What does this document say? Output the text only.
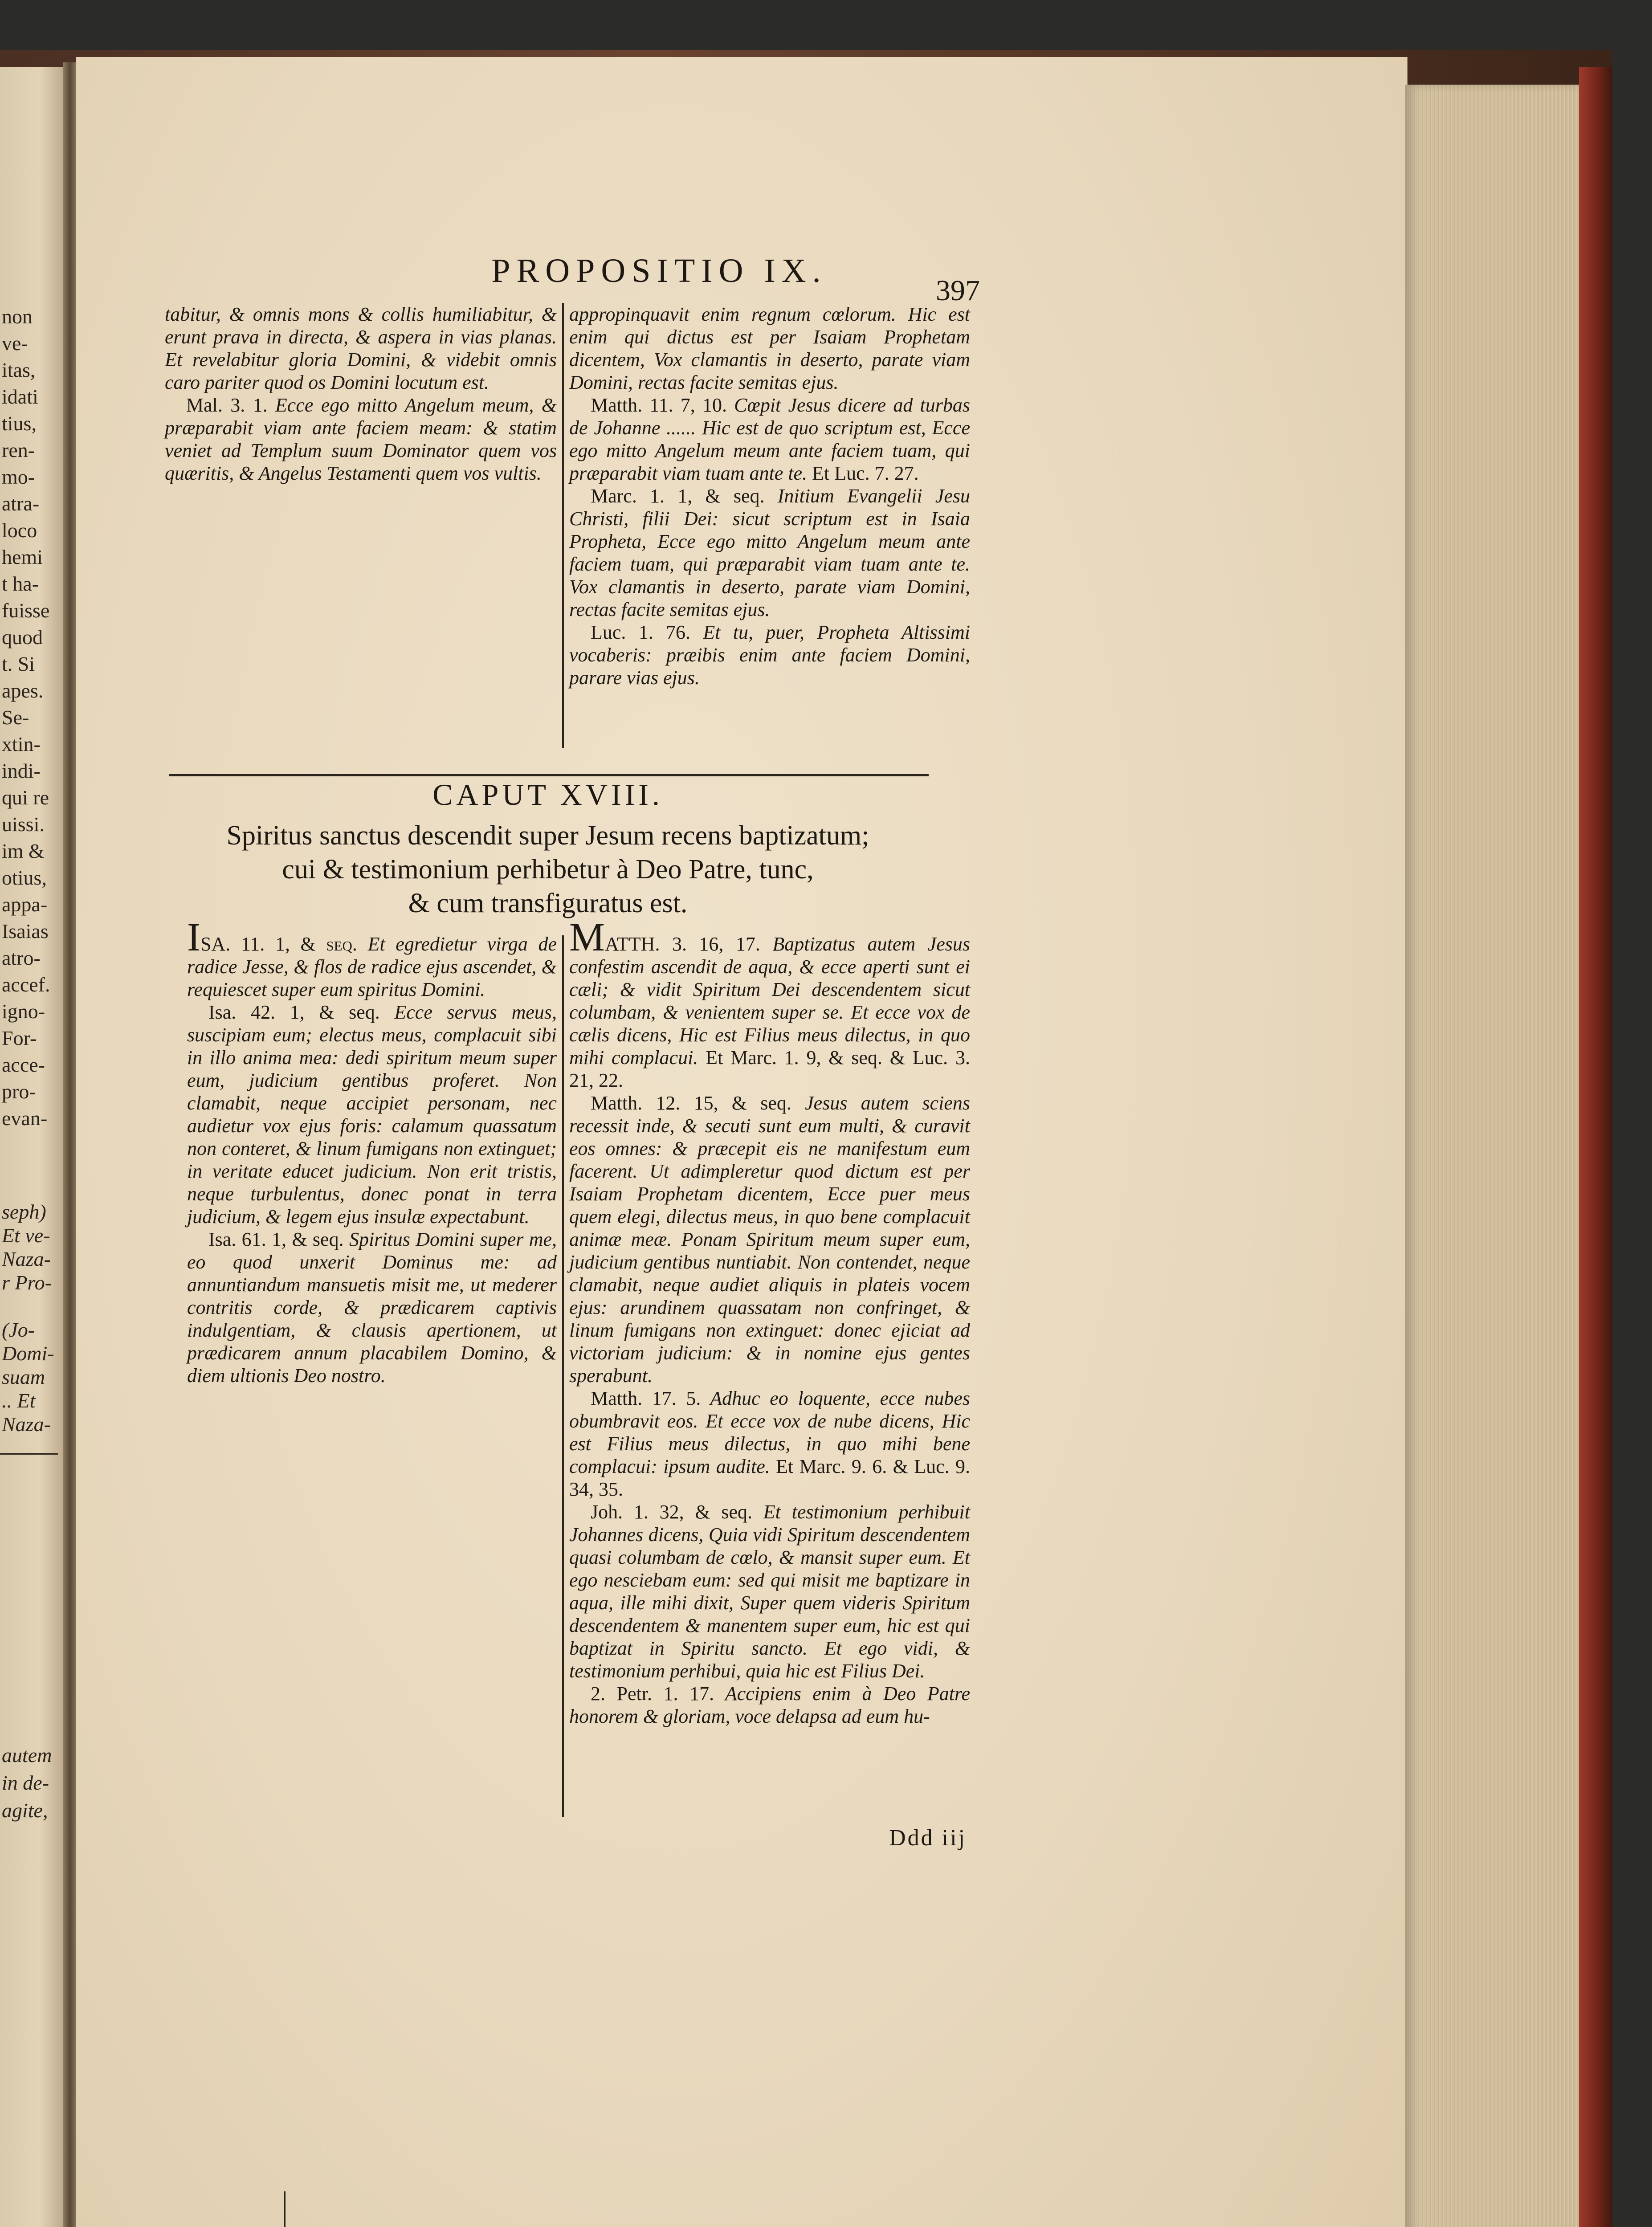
non
ve-
itas,
idati
tius,
ren-
mo-
atra-
loco
hemi
t ha-
fuisse
quod
t. Si
apes.
Se-
xtin-
indi-
qui re
uissi.
im &
otius,
appa-
Isaias
atro-
accef.
igno-
For-
acce-
pro-
evan-
seph)
Et ve-
Naza-
r Pro-
(Jo-
Domi-
suam
.. Et
Naza-
autem
in de-
agite,
PROPOSITIO IX.
397

tabitur, & omnis mons & collis humiliabitur, & erunt prava in directa, & aspera in vias planas. Et revelabitur gloria Domini, & videbit omnis caro pariter quod os Domini locutum est.

Mal. 3. 1. Ecce ego mitto Angelum meum, & præparabit viam ante faciem meam: & statim veniet ad Templum suum Dominator quem vos quæritis, & Angelus Testamenti quem vos vultis.

appropinquavit enim regnum cœlorum. Hic est enim qui dictus est per Isaiam Prophetam dicentem, Vox clamantis in deserto, parate viam Domini, rectas facite semitas ejus.

Matth. 11. 7, 10. Cœpit Jesus dicere ad turbas de Johanne ...... Hic est de quo scriptum est, Ecce ego mitto Angelum meum ante faciem tuam, qui præparabit viam tuam ante te. Et Luc. 7. 27.

Marc. 1. 1, & seq. Initium Evangelii Jesu Christi, filii Dei: sicut scriptum est in Isaia Propheta, Ecce ego mitto Angelum meum ante faciem tuam, qui præparabit viam tuam ante te. Vox clamantis in deserto, parate viam Domini, rectas facite semitas ejus.

Luc. 1. 76. Et tu, puer, Propheta Altissimi vocaberis: præibis enim ante faciem Domini, parare vias ejus.

CAPUT XVIII.
Spiritus sanctus descendit super Jesum recens baptizatum;
cui & testimonium perhibetur à Deo Patre, tunc,
& cum transfiguratus est.

ISA. 11. 1, & seq. Et egredietur virga de radice Jesse, & flos de radice ejus ascendet, & requiescet super eum spiritus Domini.

Isa. 42. 1, & seq. Ecce servus meus, suscipiam eum; electus meus, complacuit sibi in illo anima mea: dedi spiritum meum super eum, judicium gentibus proferet. Non clamabit, neque accipiet personam, nec audietur vox ejus foris: calamum quassatum non conteret, & linum fumigans non extinguet; in veritate educet judicium. Non erit tristis, neque turbulentus, donec ponat in terra judicium, & legem ejus insulæ expectabunt.

Isa. 61. 1, & seq. Spiritus Domini super me, eo quod unxerit Dominus me: ad annuntiandum mansuetis misit me, ut mederer contritis corde, & prædicarem captivis indulgentiam, & clausis apertionem, ut prædicarem annum placabilem Domino, & diem ultionis Deo nostro.

MATTH. 3. 16, 17. Baptizatus autem Jesus confestim ascendit de aqua, & ecce aperti sunt ei cæli; & vidit Spiritum Dei descendentem sicut columbam, & venientem super se. Et ecce vox de cælis dicens, Hic est Filius meus dilectus, in quo mihi complacui. Et Marc. 1. 9, & seq. & Luc. 3. 21, 22.

Matth. 12. 15, & seq. Jesus autem sciens recessit inde, & secuti sunt eum multi, & curavit eos omnes: & præcepit eis ne manifestum eum facerent. Ut adimpleretur quod dictum est per Isaiam Prophetam dicentem, Ecce puer meus quem elegi, dilectus meus, in quo bene complacuit animæ meæ. Ponam Spiritum meum super eum, judicium gentibus nuntiabit. Non contendet, neque clamabit, neque audiet aliquis in plateis vocem ejus: arundinem quassatam non confringet, & linum fumigans non extinguet: donec ejiciat ad victoriam judicium: & in nomine ejus gentes sperabunt.

Matth. 17. 5. Adhuc eo loquente, ecce nubes obumbravit eos. Et ecce vox de nube dicens, Hic est Filius meus dilectus, in quo mihi bene complacui: ipsum audite. Et Marc. 9. 6. & Luc. 9. 34, 35.

Joh. 1. 32, & seq. Et testimonium perhibuit Johannes dicens, Quia vidi Spiritum descendentem quasi columbam de cœlo, & mansit super eum. Et ego nesciebam eum: sed qui misit me baptizare in aqua, ille mihi dixit, Super quem videris Spiritum descendentem & manentem super eum, hic est qui baptizat in Spiritu sancto. Et ego vidi, & testimonium perhibui, quia hic est Filius Dei.

2. Petr. 1. 17. Accipiens enim à Deo Patre honorem & gloriam, voce delapsa ad eum hu-

Ddd iij
